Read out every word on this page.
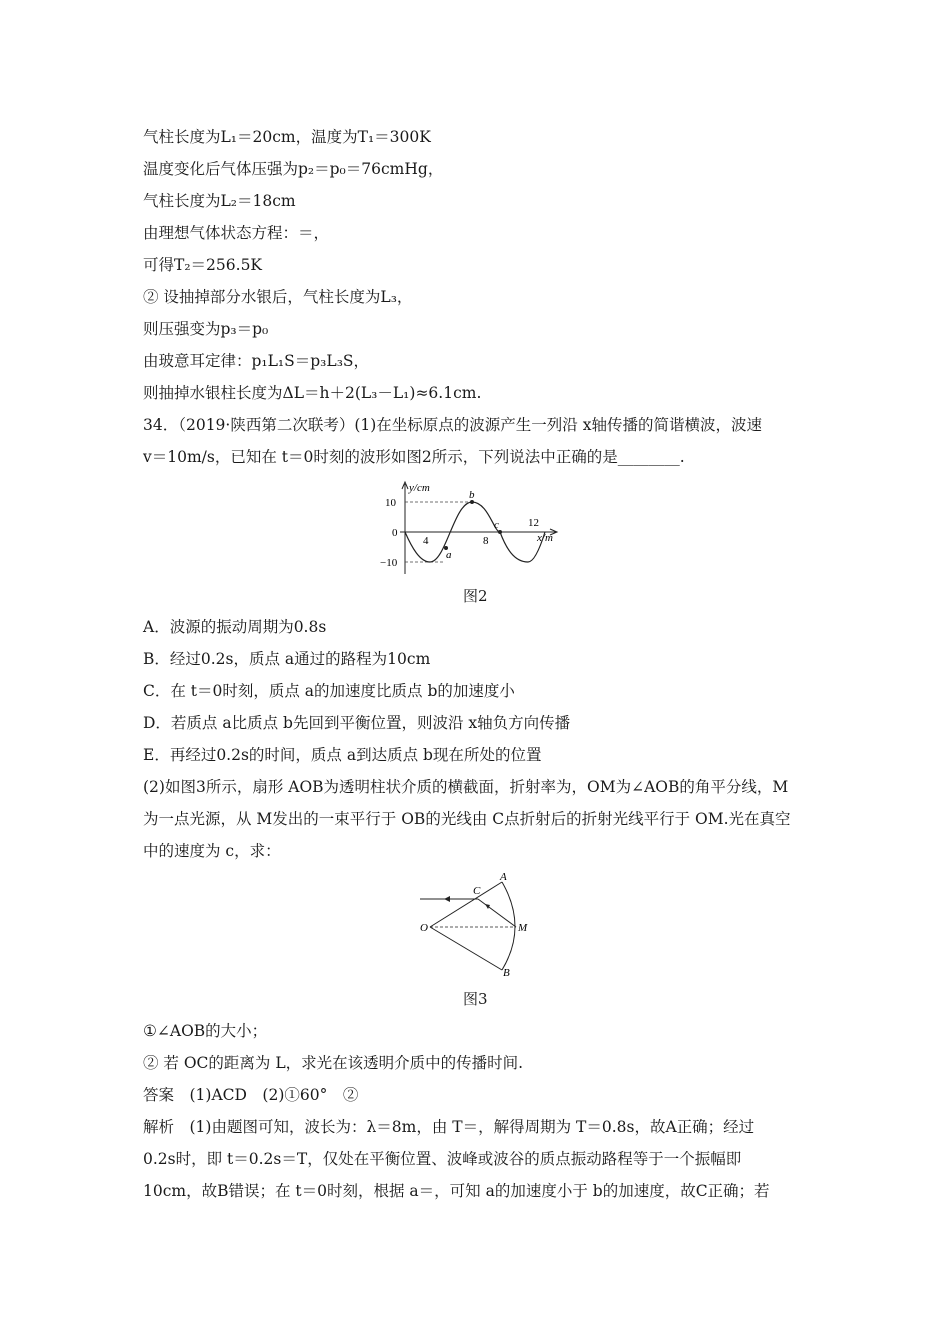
气柱长度为L₁＝20cm，温度为T₁＝300K
温度变化后气体压强为p₂＝p₀＝76cmHg，
气柱长度为L₂＝18cm
由理想气体状态方程：＝，
可得T₂＝256.5K
② 设抽掉部分水银后，气柱长度为L₃，
则压强变为p₃＝p₀
由玻意耳定律：p₁L₁S＝p₃L₃S，
则抽掉水银柱长度为ΔL＝h＋2(L₃－L₁)≈6.1cm.
34．（2019·陕西第二次联考）(1)在坐标原点的波源产生一列沿 x轴传播的简谐横波，波速
v＝10m/s，已知在 t＝0时刻的波形如图2所示，下列说法中正确的是________.
y/cm
x/m
10
0
−10
4	8
12
a
b
c
图2
A．波源的振动周期为0.8s
B．经过0.2s，质点 a通过的路程为10cm
C．在 t＝0时刻，质点 a的加速度比质点 b的加速度小
D．若质点 a比质点 b先回到平衡位置，则波沿 x轴负方向传播
E．再经过0.2s的时间，质点 a到达质点 b现在所处的位置
(2)如图3所示，扇形 AOB为透明柱状介质的横截面，折射率为，OM为∠AOB的角平分线，M
为一点光源，从 M发出的一束平行于 OB的光线由 C点折射后的折射光线平行于 OM.光在真空
中的速度为 c，求：
A
C
O	M
B
图3
①∠AOB的大小；
② 若 OC的距离为 L，求光在该透明介质中的传播时间.
答案　(1)ACD　(2)①60°　②
解析　(1)由题图可知，波长为：λ＝8m，由 T＝，解得周期为 T＝0.8s，故A正确；经过
0.2s时，即 t＝0.2s＝T，仅处在平衡位置、波峰或波谷的质点振动路程等于一个振幅即
10cm，故B错误；在 t＝0时刻，根据 a＝，可知 a的加速度小于 b的加速度，故C正确；若
